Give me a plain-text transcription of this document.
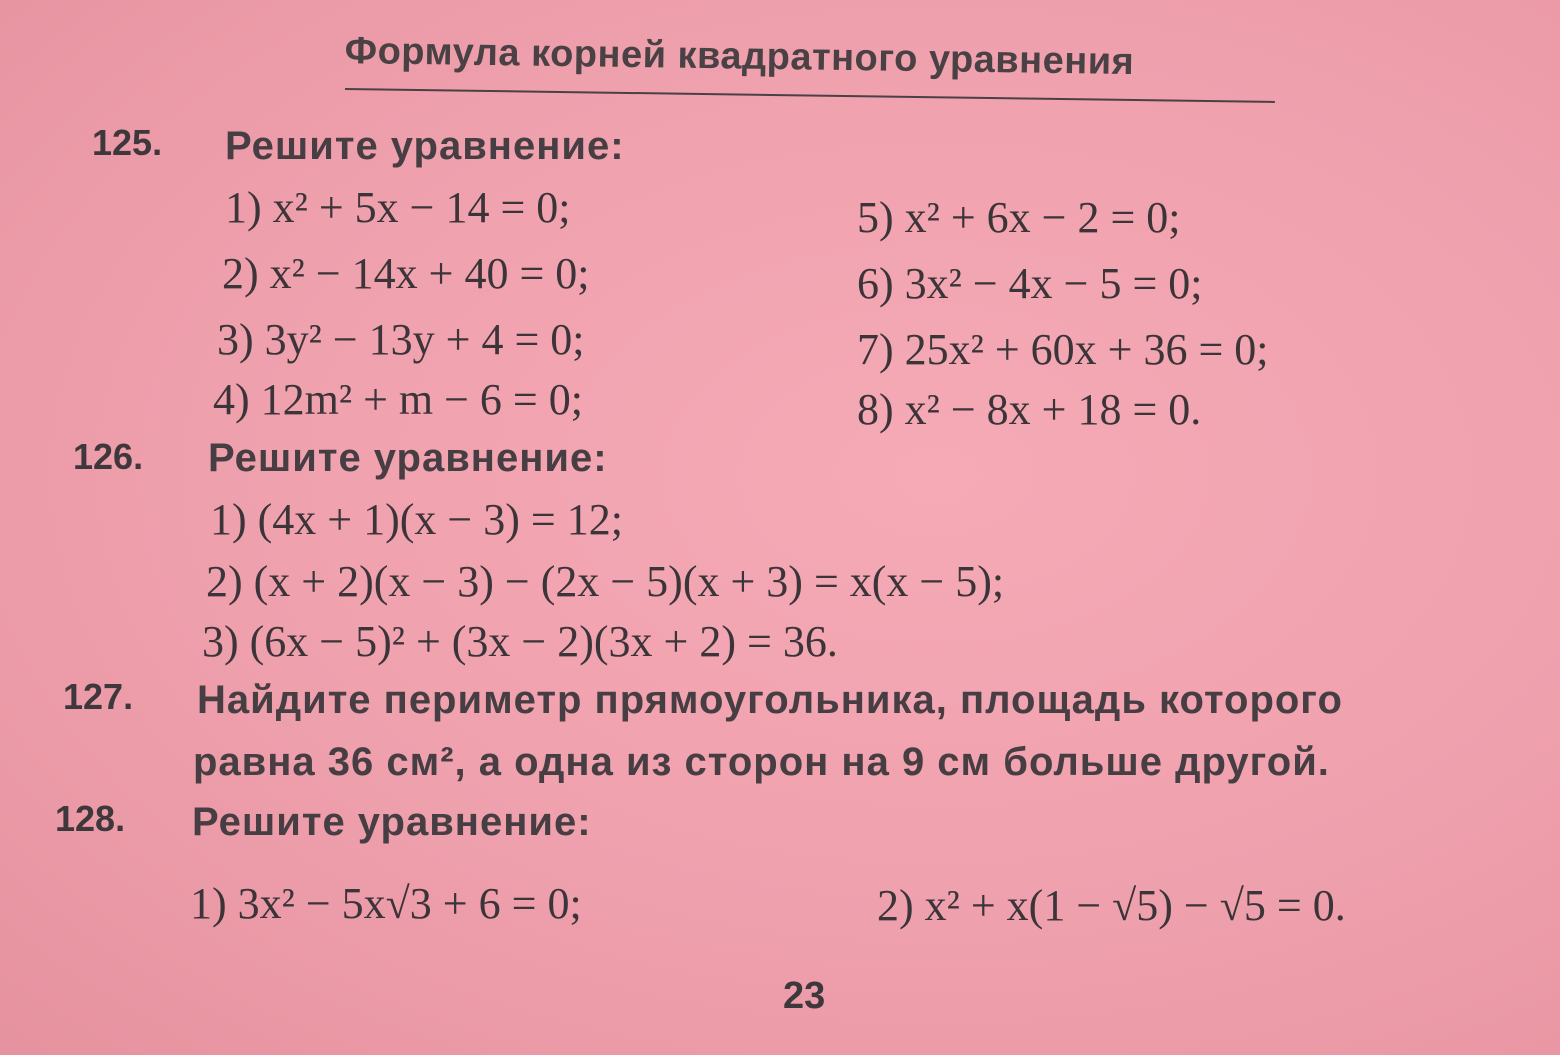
Формула корней квадратного уравнения
125. Решите уравнение:
1) x² + 5x − 14 = 0;
2) x² − 14x + 40 = 0;
3) 3y² − 13y + 4 = 0;
4) 12m² + m − 6 = 0;
5) x² + 6x − 2 = 0;
6) 3x² − 4x − 5 = 0;
7) 25x² + 60x + 36 = 0;
8) x² − 8x + 18 = 0.
126. Решите уравнение:
1) (4x + 1)(x − 3) = 12;
2) (x + 2)(x − 3) − (2x − 5)(x + 3) = x(x − 5);
3) (6x − 5)² + (3x − 2)(3x + 2) = 36.
127. Найдите периметр прямоугольника, площадь которого
равна 36 см², а одна из сторон на 9 см больше другой.
128. Решите уравнение:
1) 3x² − 5x√3 + 6 = 0;	2) x² + x(1 − √5) − √5 = 0.
23
